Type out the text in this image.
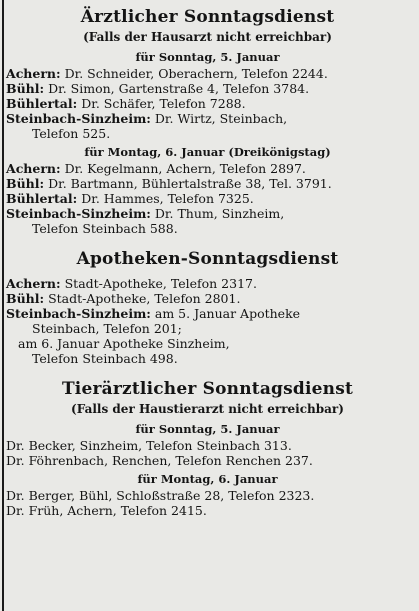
Ärztlicher Sonntagsdienst

(Falls der Hausarzt nicht erreichbar)

für Sonntag, 5. Januar

Achern: Dr. Schneider, Oberachern, Telefon 2244.

Bühl: Dr. Simon, Gartenstraße 4, Telefon 3784.

Bühlertal: Dr. Schäfer, Telefon 7288.

Steinbach-Sinzheim: Dr. Wirtz, Steinbach,

Telefon 525.

für Montag, 6. Januar (Dreikönigstag)

Achern: Dr. Kegelmann, Achern, Telefon 2897.

Bühl: Dr. Bartmann, Bühlertalstraße 38, Tel. 3791.

Bühlertal: Dr. Hammes, Telefon 7325.

Steinbach-Sinzheim: Dr. Thum, Sinzheim,

Telefon Steinbach 588.

Apotheken-Sonntagsdienst

Achern: Stadt-Apotheke, Telefon 2317.

Bühl: Stadt-Apotheke, Telefon 2801.

Steinbach-Sinzheim: am 5. Januar Apotheke

Steinbach, Telefon 201;

am 6. Januar Apotheke Sinzheim,

Telefon Steinbach 498.

Tierärztlicher Sonntagsdienst

(Falls der Haustierarzt nicht erreichbar)

für Sonntag, 5. Januar

Dr. Becker, Sinzheim, Telefon Steinbach 313.

Dr. Föhrenbach, Renchen, Telefon Renchen 237.

für Montag, 6. Januar

Dr. Berger, Bühl, Schloßstraße 28, Telefon 2323.

Dr. Früh, Achern, Telefon 2415.
